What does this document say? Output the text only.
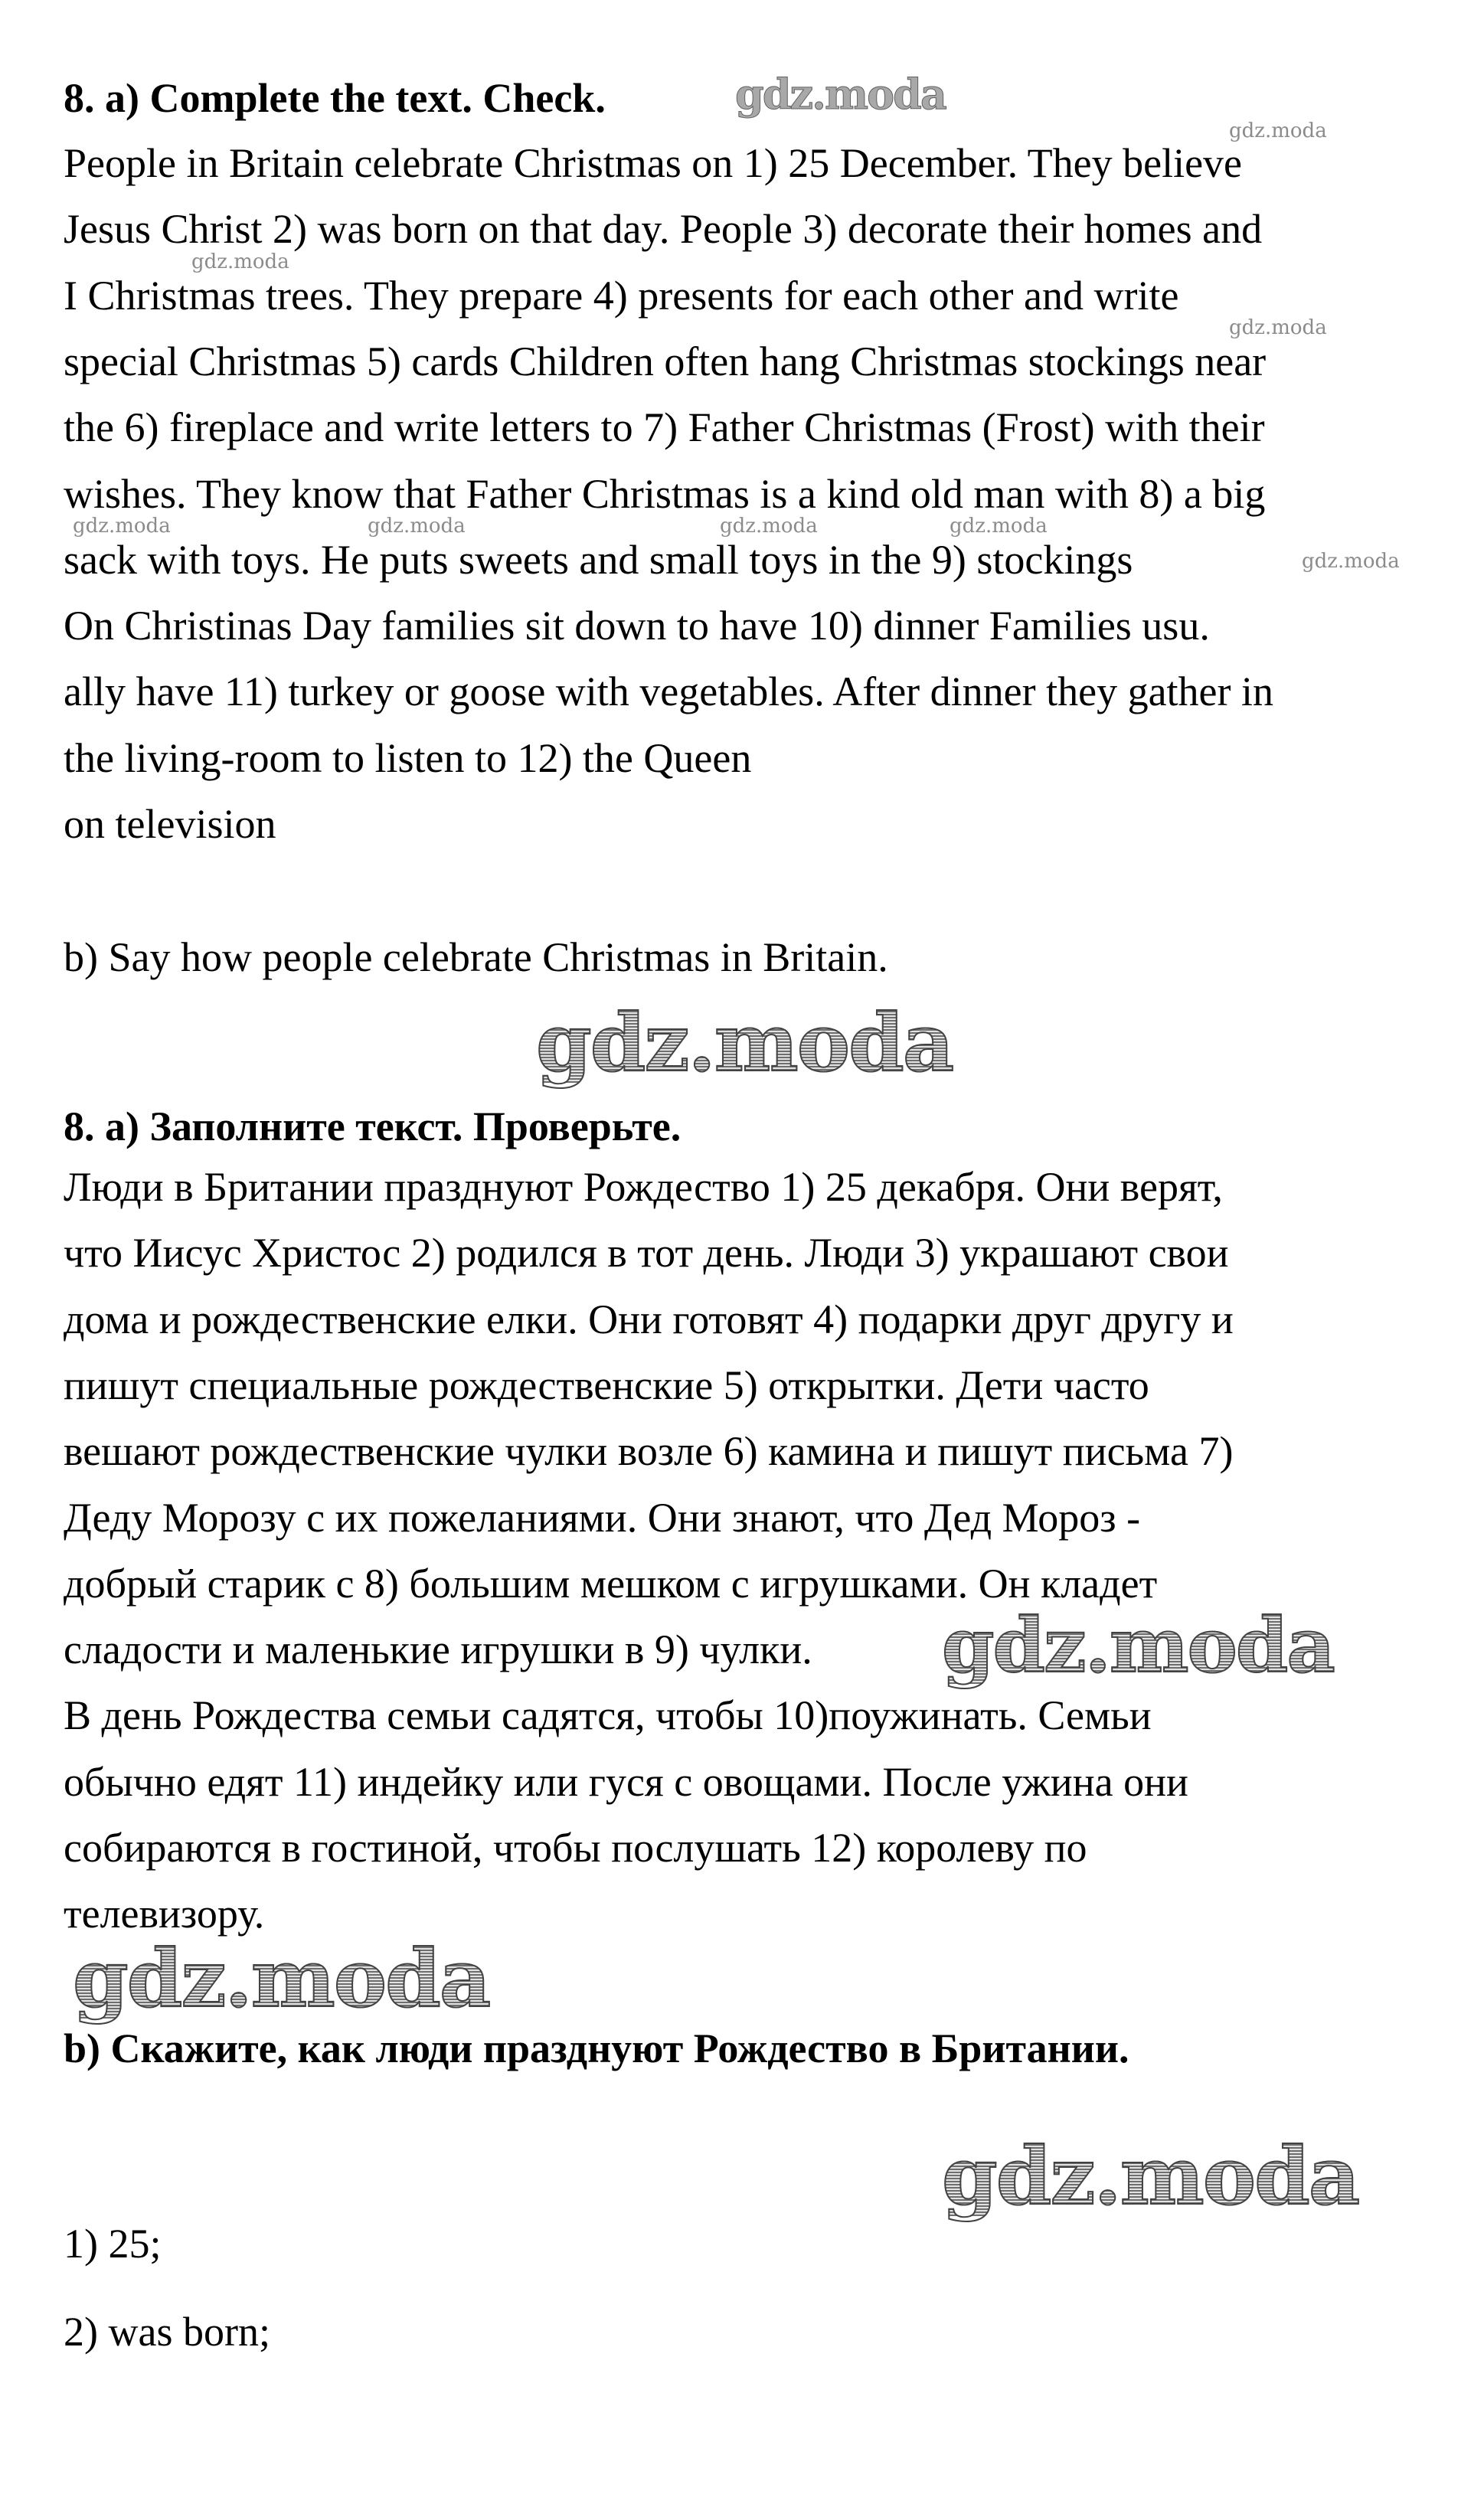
8. a) Complete the text. Check.
People in Britain celebrate Christmas on 1) 25 December. They believe
Jesus Christ 2) was born on that day. People 3) decorate their homes and
I Christmas trees. They prepare 4) presents for each other and write
special Christmas 5) cards Children often hang Christmas stockings near
the 6) fireplace and write letters to 7) Father Christmas (Frost) with their
wishes. They know that Father Christmas is a kind old man with 8) a big
sack with toys. He puts sweets and small toys in the 9) stockings
On Christinas Day families sit down to have 10) dinner Families usu.
ally have 11) turkey or goose with vegetables. After dinner they gather in
the living-room to listen to 12) the Queen
on television
b) Say how people celebrate Christmas in Britain.
8. а) Заполните текст. Проверьте.
Люди в Британии празднуют Рождество 1) 25 декабря. Они верят,
что Иисус Христос 2) родился в тот день. Люди 3) украшают свои
дома и рождественские елки. Они готовят 4) подарки друг другу и
пишут специальные рождественские 5) открытки. Дети часто
вешают рождественские чулки возле 6) камина и пишут письма 7)
Деду Морозу с их пожеланиями. Они знают, что Дед Мороз -
добрый старик с 8) большим мешком с игрушками. Он кладет
сладости и маленькие игрушки в 9) чулки.
В день Рождества семьи садятся, чтобы 10)поужинать. Семьи
обычно едят 11) индейку или гуся с овощами. После ужина они
собираются в гостиной, чтобы послушать 12) королеву по
телевизору.
b) Скажите, как люди празднуют Рождество в Британии.
1) 25;
2) was born;
gdz.moda
gdz.moda
gdz.moda
gdz.moda
gdz.moda	gdz.moda	gdz.moda	gdz.moda
gdz.moda
gdz.moda
gdz.moda
gdz.moda
gdz.moda
